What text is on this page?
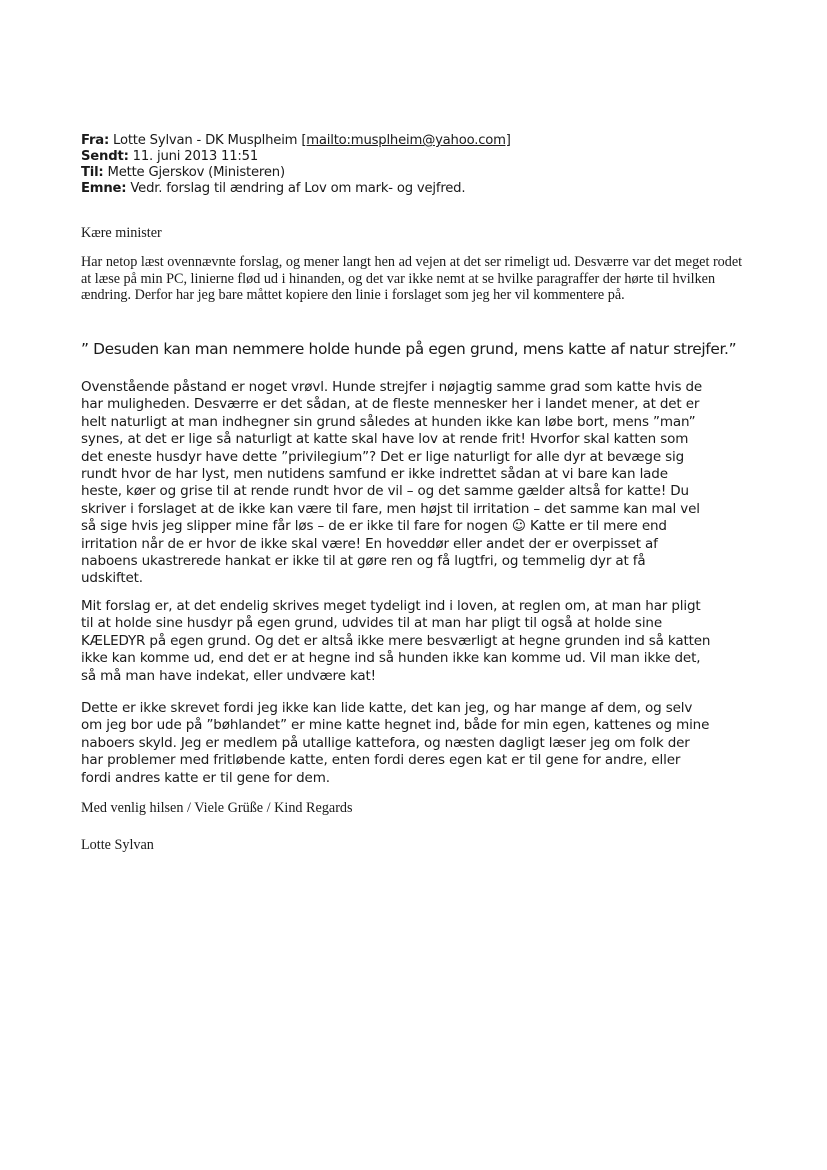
Fra: Lotte Sylvan - DK Musplheim [mailto:musplheim@yahoo.com]
Sendt: 11. juni 2013 11:51
Til: Mette Gjerskov (Ministeren)
Emne: Vedr. forslag til ændring af Lov om mark- og vejfred.
Kære minister
Har netop læst ovennævnte forslag, og mener langt hen ad vejen at det ser rimeligt ud. Desværre var det meget rodet at læse på min PC, linierne flød ud i hinanden, og det var ikke nemt at se hvilke paragraffer der hørte til hvilken ændring. Derfor har jeg bare måttet kopiere den linie i forslaget som jeg her vil kommentere på.
” Desuden kan man nemmere holde hunde på egen grund, mens katte af natur strejfer.”
Ovenstående påstand er noget vrøvl. Hunde strejfer i nøjagtig samme grad som katte hvis de
har muligheden. Desværre er det sådan, at de fleste mennesker her i landet mener, at det er
helt naturligt at man indhegner sin grund således at hunden ikke kan løbe bort, mens ”man”
synes, at det er lige så naturligt at katte skal have lov at rende frit! Hvorfor skal katten som
det eneste husdyr have dette ”privilegium”? Det er lige naturligt for alle dyr at bevæge sig
rundt hvor de har lyst, men nutidens samfund er ikke indrettet sådan at vi bare kan lade
heste, køer og grise til at rende rundt hvor de vil – og det samme gælder altså for katte! Du
skriver i forslaget at de ikke kan være til fare, men højst til irritation – det samme kan mal vel
så sige hvis jeg slipper mine får løs – de er ikke til fare for nogen ☺ Katte er til mere end
irritation når de er hvor de ikke skal være! En hoveddør eller andet der er overpisset af
naboens ukastrerede hankat er ikke til at gøre ren og få lugtfri, og temmelig dyr at få
udskiftet.
Mit forslag er, at det endelig skrives meget tydeligt ind i loven, at reglen om, at man har pligt
til at holde sine husdyr på egen grund, udvides til at man har pligt til også at holde sine
KÆLEDYR på egen grund. Og det er altså ikke mere besværligt at hegne grunden ind så katten
ikke kan komme ud, end det er at hegne ind så hunden ikke kan komme ud. Vil man ikke det,
så må man have indekat, eller undvære kat!
Dette er ikke skrevet fordi jeg ikke kan lide katte, det kan jeg, og har mange af dem, og selv
om jeg bor ude på ”bøhlandet” er mine katte hegnet ind, både for min egen, kattenes og mine
naboers skyld. Jeg er medlem på utallige kattefora, og næsten dagligt læser jeg om folk der
har problemer med fritløbende katte, enten fordi deres egen kat er til gene for andre, eller
fordi andres katte er til gene for dem.
Med venlig hilsen / Viele Grüße / Kind Regards
Lotte Sylvan
